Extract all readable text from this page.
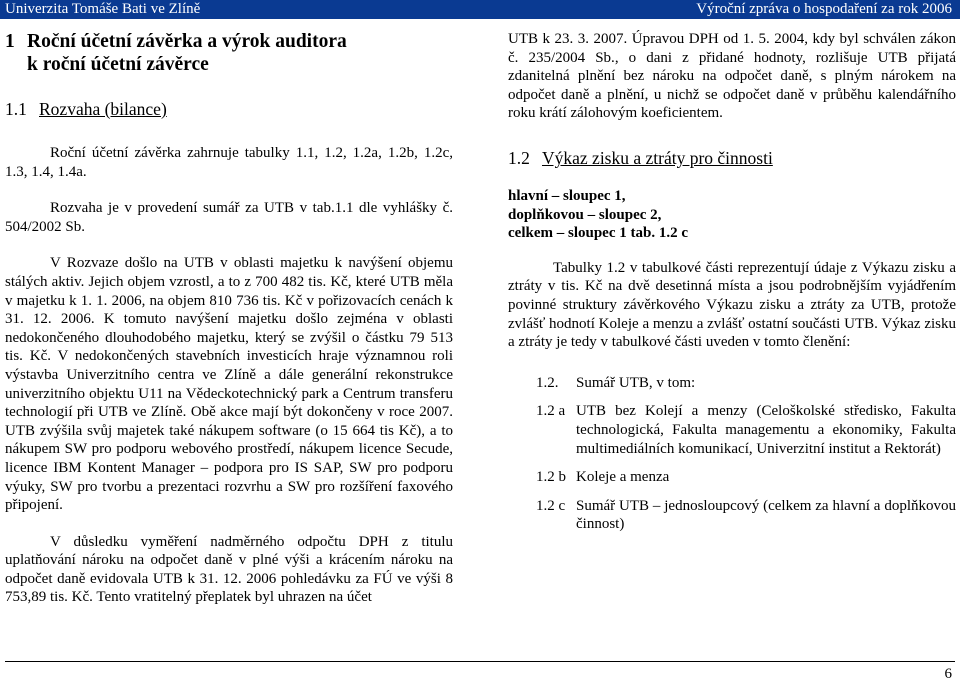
Univerzita Tomáše Bati ve Zlíně	Výroční zpráva o hospodaření za rok 2006
1 Roční účetní závěrka a výrok auditora
k roční účetní závěrce
1.1 Rozvaha (bilance)

Roční účetní závěrka zahrnuje tabulky 1.1, 1.2, 1.2a, 1.2b, 1.2c, 1.3, 1.4, 1.4a.

Rozvaha je v provedení sumář za UTB v tab.1.1 dle vyhlášky č. 504/2002 Sb.

V Rozvaze došlo na UTB v oblasti majetku k navýšení objemu stálých aktiv. Jejich objem vzrostl, a to z 700 482 tis. Kč, které UTB měla v majetku k 1. 1. 2006, na objem 810 736 tis. Kč v pořizovacích cenách k 31. 12. 2006. K tomuto navýšení majetku došlo zejména v oblasti nedokončeného dlouhodobého majetku, který se zvýšil o částku 79 513 tis. Kč. V nedokončených stavebních investicích hraje významnou roli výstavba Univerzitního centra ve Zlíně a dále generální rekonstrukce univerzitního objektu U11 na Vědeckotechnický park a Centrum transferu technologií při UTB ve Zlíně. Obě akce mají být dokončeny v roce 2007. UTB zvýšila svůj majetek také nákupem software (o 15 664 tis Kč), a to nákupem SW pro podporu webového prostředí, nákupem licence Secude, licence IBM Kontent Manager – podpora pro IS SAP, SW pro podporu výuky, SW pro tvorbu a prezentaci rozvrhu a SW pro rozšíření faxového připojení.

V důsledku vyměření nadměrného odpočtu DPH z titulu uplatňování nároku na odpočet daně v plné výši a krácením nároku na odpočet daně evidovala UTB k 31. 12. 2006 pohledávku za FÚ ve výši 8 753,89 tis. Kč. Tento vratitelný přeplatek byl uhrazen na účet

UTB k 23. 3. 2007. Úpravou DPH od 1. 5. 2004, kdy byl schválen zákon č. 235/2004 Sb., o dani z přidané hodnoty, rozlišuje UTB přijatá zdanitelná plnění bez nároku na odpočet daně, s plným nárokem na odpočet daně a plnění, u nichž se odpočet daně v průběhu kalendářního roku krátí zálohovým koeficientem.

1.2 Výkaz zisku a ztráty pro činnosti
hlavní – sloupec 1,
doplňkovou – sloupec 2,
celkem – sloupec 1 tab. 1.2 c

Tabulky 1.2 v tabulkové části reprezentují údaje z Výkazu zisku a ztráty v tis. Kč na dvě desetinná místa a jsou podrobnějším vyjádřením povinné struktury závěrkového Výkazu zisku a ztráty za UTB, protože zvlášť hodnotí Koleje a menzu a zvlášť ostatní součásti UTB. Výkaz zisku a ztráty je tedy v tabulkové části uveden v tomto členění:

1.2.	Sumář UTB, v tom:
1.2 a UTB bez Kolejí a menzy (Celoškolské středisko, Fakulta technologická, Fakulta managementu a ekonomiky, Fakulta multimediálních komunikací, Univerzitní institut a Rektorát)
1.2 b Koleje a menza
1.2 c Sumář UTB – jednosloupcový (celkem za hlavní a doplňkovou činnost)
6
